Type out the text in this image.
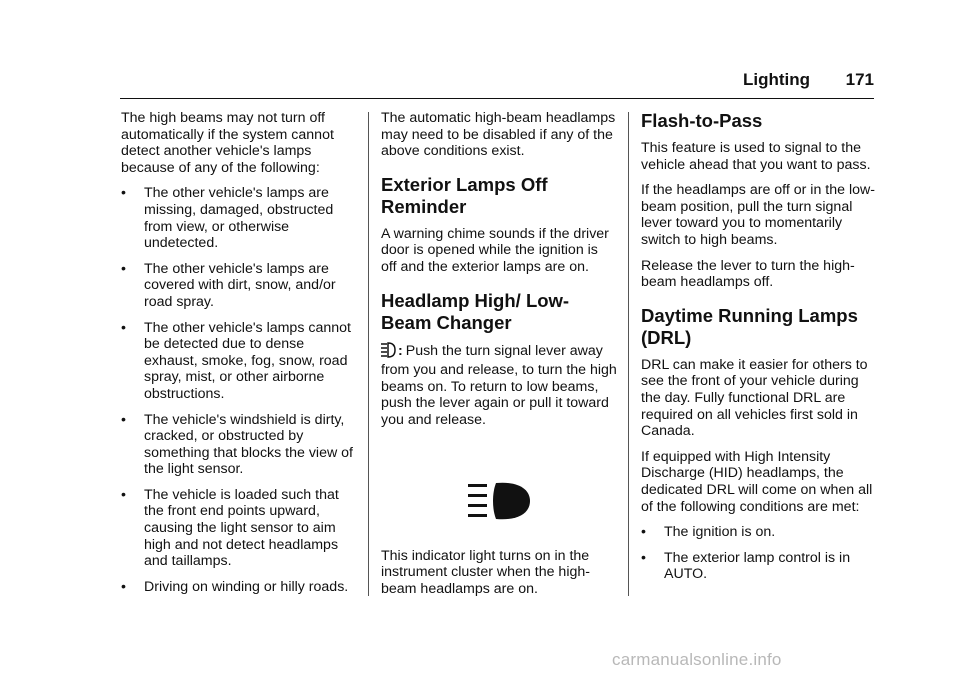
Lighting 171

The high beams may not turn off automatically if the system cannot detect another vehicle's lamps because of any of the following:

• The other vehicle's lamps are missing, damaged, obstructed from view, or otherwise undetected.
• The other vehicle's lamps are covered with dirt, snow, and/or road spray.
• The other vehicle's lamps cannot be detected due to dense exhaust, smoke, fog, snow, road spray, mist, or other airborne obstructions.
• The vehicle's windshield is dirty, cracked, or obstructed by something that blocks the view of the light sensor.
• The vehicle is loaded such that the front end points upward, causing the light sensor to aim high and not detect headlamps and taillamps.
• Driving on winding or hilly roads.

The automatic high-beam headlamps may need to be disabled if any of the above conditions exist.

Exterior Lamps Off Reminder

A warning chime sounds if the driver door is opened while the ignition is off and the exterior lamps are on.

Headlamp High/ Low-Beam Changer

: Push the turn signal lever away from you and release, to turn the high beams on. To return to low beams, push the lever again or pull it toward you and release.

This indicator light turns on in the instrument cluster when the high-beam headlamps are on.

Flash-to-Pass

This feature is used to signal to the vehicle ahead that you want to pass.

If the headlamps are off or in the low-beam position, pull the turn signal lever toward you to momentarily switch to high beams.

Release the lever to turn the high-beam headlamps off.

Daytime Running Lamps (DRL)

DRL can make it easier for others to see the front of your vehicle during the day. Fully functional DRL are required on all vehicles first sold in Canada.

If equipped with High Intensity Discharge (HID) headlamps, the dedicated DRL will come on when all of the following conditions are met:

• The ignition is on.
• The exterior lamp control is in AUTO.
carmanualsonline.info
